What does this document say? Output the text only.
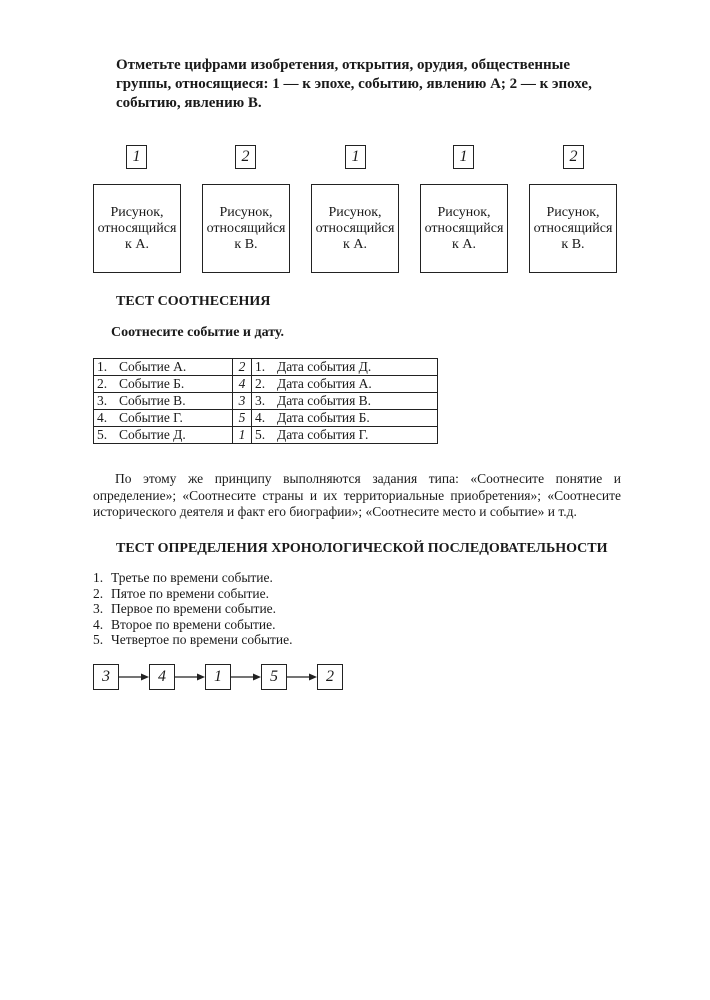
Отметьте цифрами изобретения, открытия, орудия, общественные группы, относящиеся: 1 — к эпохе, событию, явлению А; 2 — к эпохе, событию, явлению В.

1	2	1	1	2
Рисунок,
относящийся
к А.
Рисунок,
относящийся
к В.
Рисунок,
относящийся
к А.
Рисунок,
относящийся
к А.
Рисунок,
относящийся
к В.
ТЕСТ СООТНЕСЕНИЯ
Соотнесите событие и дату.
1. Событие А.	2	1. Дата события Д.
2. Событие Б.	4	2. Дата события А.
3. Событие В.	3	3. Дата события В.
4. Событие Г.	5	4. Дата события Б.
5. Событие Д.	1	5. Дата события Г.

По этому же принципу выполняются задания типа: «Соотнесите понятие и определение»; «Соотнесите страны и их территориальные приобретения»; «Соотнесите исторического деятеля и факт его биографии»; «Соотнесите место и событие» и т.д.

ТЕСТ ОПРЕДЕЛЕНИЯ ХРОНОЛОГИЧЕСКОЙ ПОСЛЕДОВАТЕЛЬНОСТИ
1. Третье по времени событие.
2. Пятое по времени событие.
3. Первое по времени событие.
4. Второе по времени событие.
5. Четвертое по времени событие.
3	4	1	5	2
